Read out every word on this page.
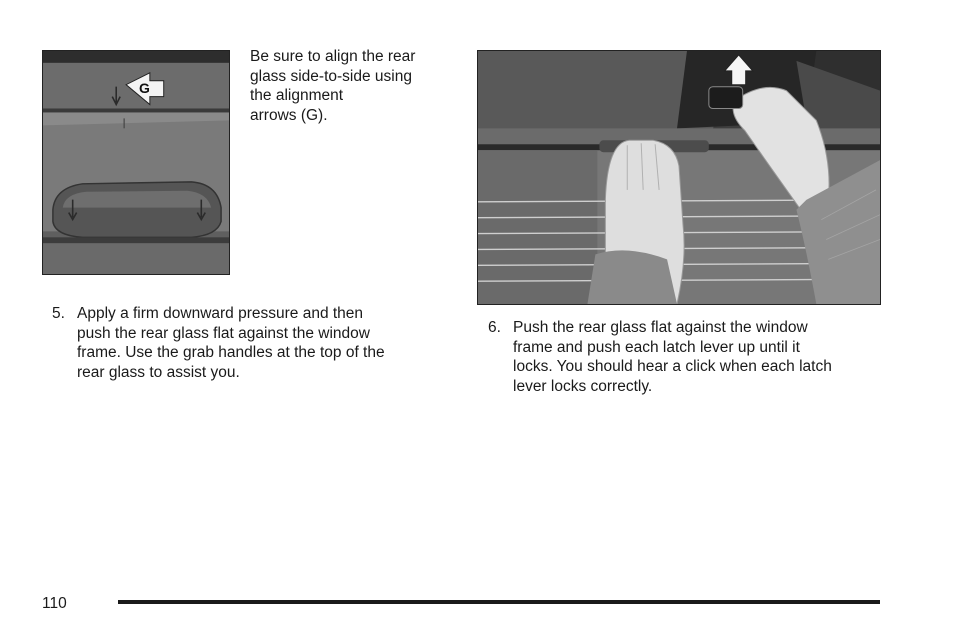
G
Be sure to align the rear
glass side-to-side using
the alignment
arrows (G).
5. Apply a firm downward pressure and then
push the rear glass flat against the window
frame. Use the grab handles at the top of the
rear glass to assist you.
6. Push the rear glass flat against the window
frame and push each latch lever up until it
locks. You should hear a click when each latch
lever locks correctly.
110
